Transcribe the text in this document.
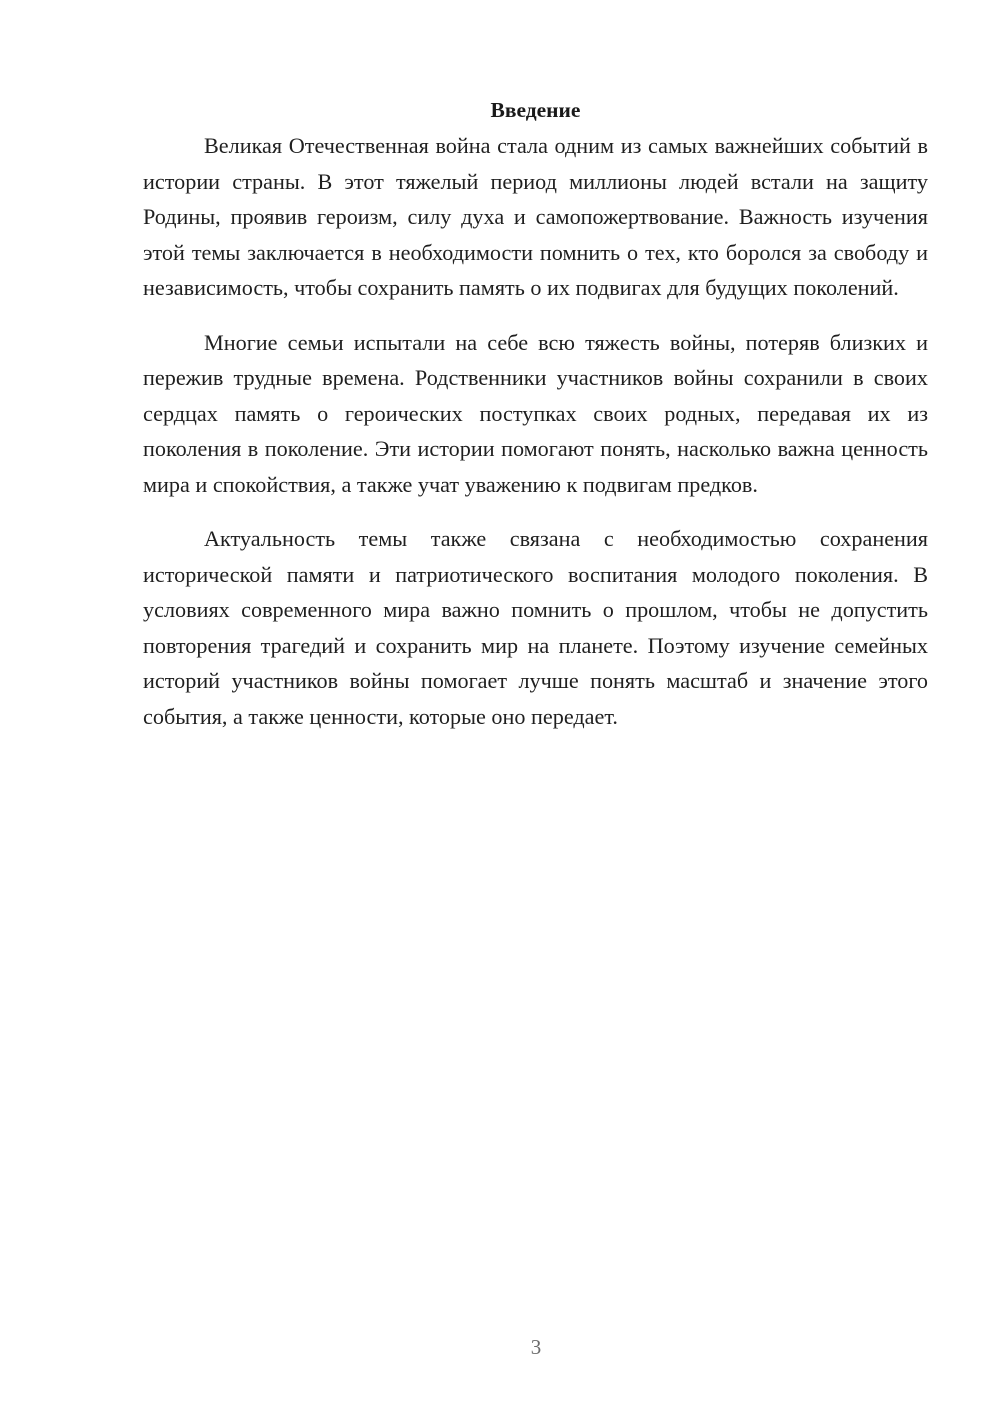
Введение

Великая Отечественная война стала одним из самых важнейших событий в истории страны. В этот тяжелый период миллионы людей встали на защиту Родины, проявив героизм, силу духа и самопожертвование. Важность изучения этой темы заключается в необходимости помнить о тех, кто боролся за свободу и независимость, чтобы сохранить память о их подвигах для будущих поколений.

Многие семьи испытали на себе всю тяжесть войны, потеряв близких и пережив трудные времена. Родственники участников войны сохранили в своих сердцах память о героических поступках своих родных, передавая их из поколения в поколение. Эти истории помогают понять, насколько важна ценность мира и спокойствия, а также учат уважению к подвигам предков.

Актуальность темы также связана с необходимостью сохранения исторической памяти и патриотического воспитания молодого поколения. В условиях современного мира важно помнить о прошлом, чтобы не допустить повторения трагедий и сохранить мир на планете. Поэтому изучение семейных историй участников войны помогает лучше понять масштаб и значение этого события, а также ценности, которые оно передает.

3
